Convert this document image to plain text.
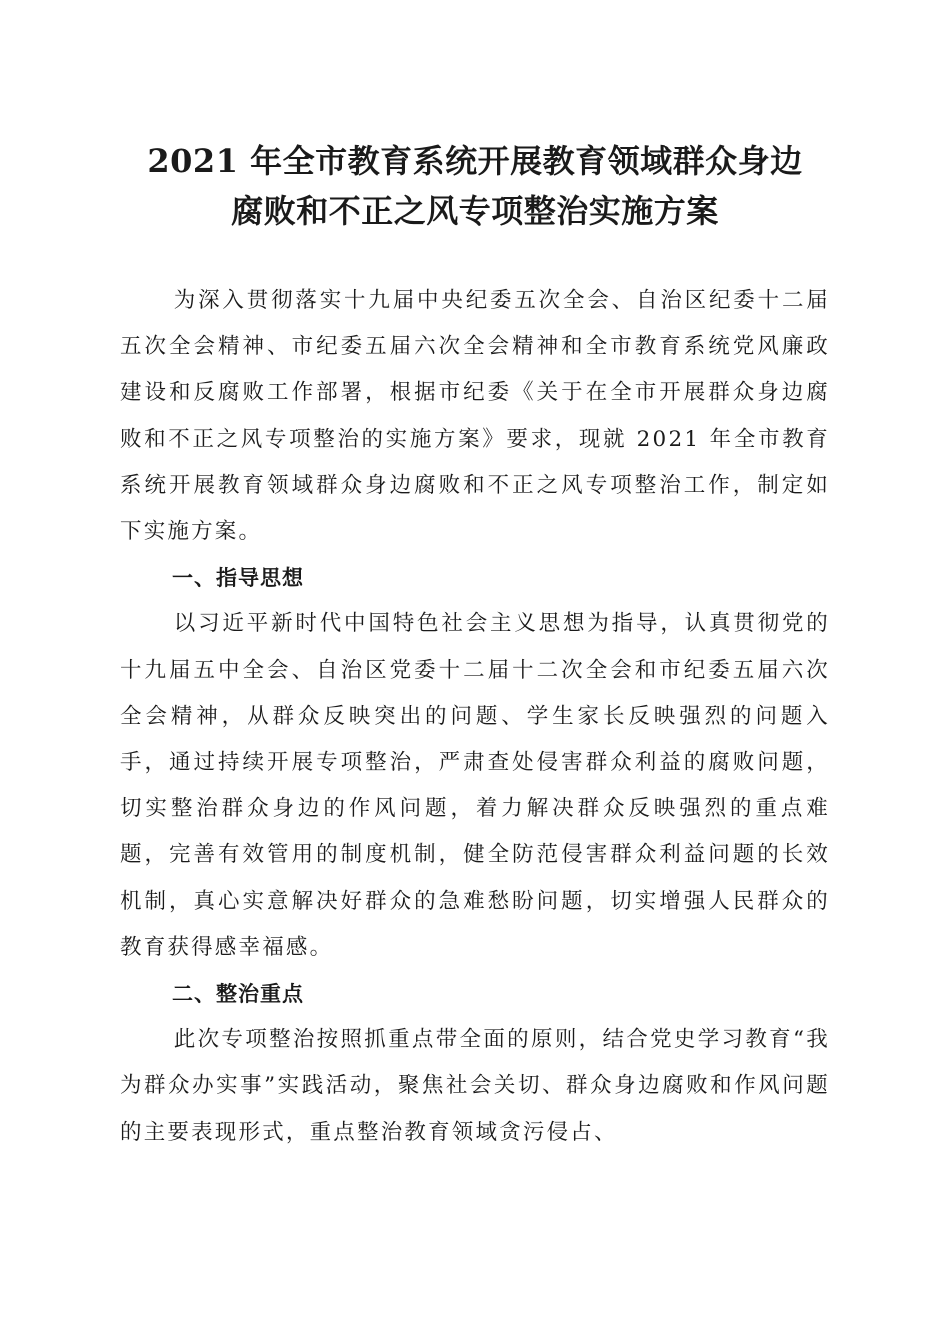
2021 年全市教育系统开展教育领域群众身边
腐败和不正之风专项整治实施方案

为深入贯彻落实十九届中央纪委五次全会、自治区纪委十二届五次全会精神、市纪委五届六次全会精神和全市教育系统党风廉政建设和反腐败工作部署，根据市纪委《关于在全市开展群众身边腐败和不正之风专项整治的实施方案》要求，现就 2021 年全市教育系统开展教育领域群众身边腐败和不正之风专项整治工作，制定如下实施方案。

一、指导思想

以习近平新时代中国特色社会主义思想为指导，认真贯彻党的十九届五中全会、自治区党委十二届十二次全会和市纪委五届六次全会精神，从群众反映突出的问题、学生家长反映强烈的问题入手，通过持续开展专项整治，严肃查处侵害群众利益的腐败问题，切实整治群众身边的作风问题，着力解决群众反映强烈的重点难题，完善有效管用的制度机制，健全防范侵害群众利益问题的长效机制，真心实意解决好群众的急难愁盼问题，切实增强人民群众的教育获得感幸福感。

二、整治重点

此次专项整治按照抓重点带全面的原则，结合党史学习教育“我为群众办实事”实践活动，聚焦社会关切、群众身边腐败和作风问题的主要表现形式，重点整治教育领域贪污侵占、
